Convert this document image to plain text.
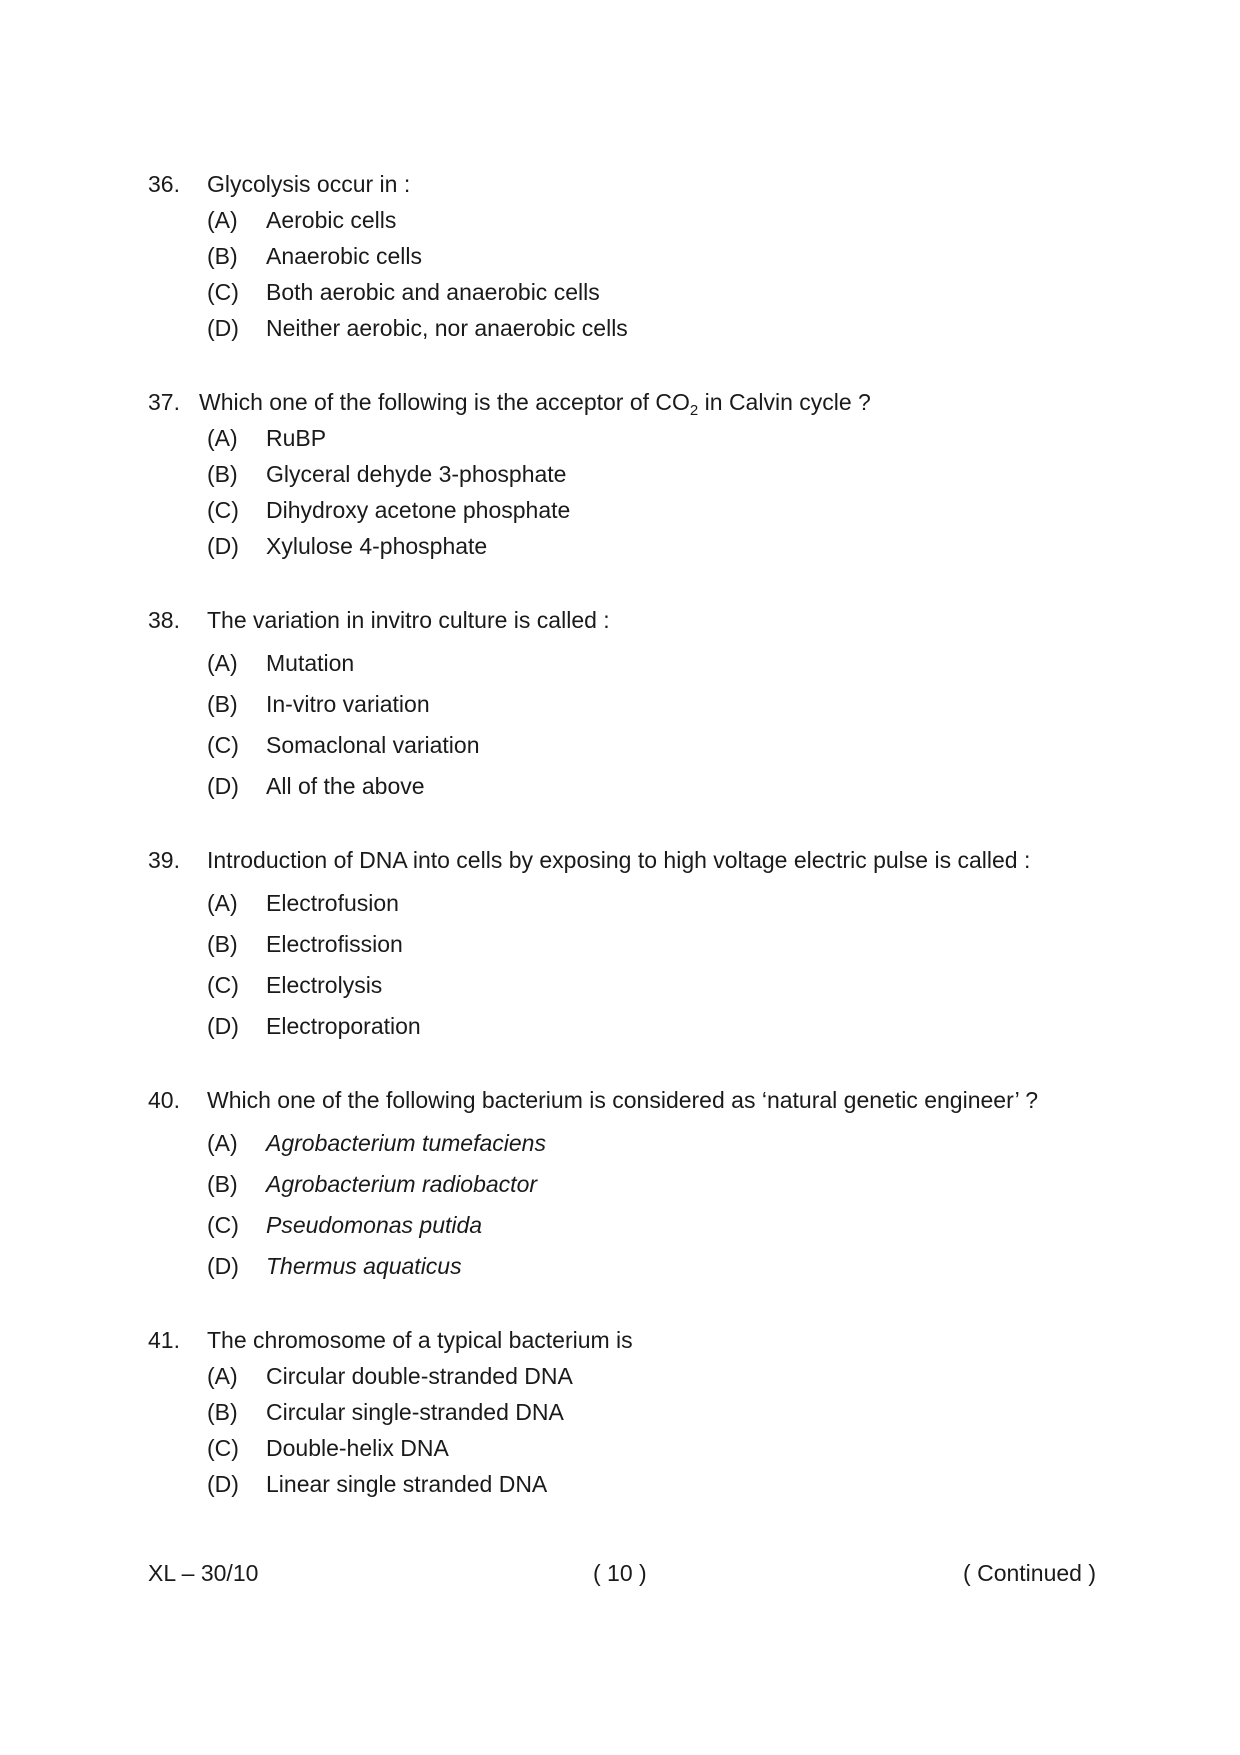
36. Glycolysis occur in :
(A) Aerobic cells
(B) Anaerobic cells
(C) Both aerobic and anaerobic cells
(D) Neither aerobic, nor anaerobic cells
37. Which one of the following is the acceptor of $CO_2$ in Calvin cycle ?
(A) RuBP
(B) Glyceral dehyde 3-phosphate
(C) Dihydroxy acetone phosphate
(D) Xylulose 4-phosphate
38. The variation in invitro culture is called :
(A) Mutation
(B) In-vitro variation
(C) Somaclonal variation
(D) All of the above
39. Introduction of DNA into cells by exposing to high voltage electric pulse is called :
(A) Electrofusion
(B) Electrofission
(C) Electrolysis
(D) Electroporation
40. Which one of the following bacterium is considered as ‘natural genetic engineer’ ?
(A) Agrobacterium tumefaciens
(B) Agrobacterium radiobactor
(C) Pseudomonas putida
(D) Thermus aquaticus
41. The chromosome of a typical bacterium is
(A) Circular double-stranded DNA
(B) Circular single-stranded DNA
(C) Double-helix DNA
(D) Linear single stranded DNA
XL – 30/10	( 10 )	( Continued )
